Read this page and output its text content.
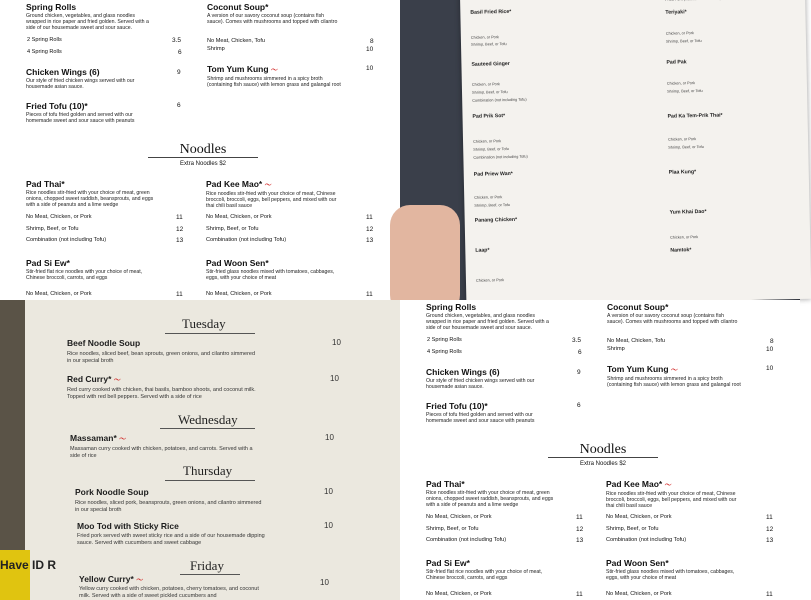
Spring Rolls
Ground chicken, vegetables, and glass noodles wrapped in rice paper and fried golden. Served with a side of our housemade sweet and sour sauce.
2 Spring Rolls	3.5
4 Spring Rolls	6
Chicken Wings (6)
Our style of fried chicken wings served with our housemade asian sauce.
9
Fried Tofu (10)*
Pieces of tofu fried golden and served with our homemade sweet and sour sauce with peanuts
6
Coconut Soup*
A version of our savory coconut soup (contains fish sauce). Comes with mushrooms and topped with cilantro
No Meat, Chicken, Tofu	8
Shrimp	10
Tom Yum Kung 〜
Shrimp and mushrooms simmered in a spicy broth (containing fish sauce) with lemon grass and galangal root
10
Noodles
Extra Noodles $2
Pad Thai*
Rice noodles stir-fried with your choice of meat, green onions, chopped sweet raddish, beansprouts, and eggs with a side of peanuts and a lime wedge
No Meat, Chicken, or Pork	11
Shrimp, Beef, or Tofu	12
Combination (not including Tofu)	13
Pad Kee Mao* 〜
Rice noodles stir-fried with your choice of meat, Chinese broccoli, broccoli, eggs, bell peppers, and mixed with our thai chili basil sauce
No Meat, Chicken, or Pork	11
Shrimp, Beef, or Tofu	12
Combination (not including Tofu)	13
Pad Si Ew*
Stir-fried flat rice noodles with your choice of meat, Chinese broccoli, carrots, and eggs
No Meat, Chicken, or Pork	11
Pad Woon Sen*
Stir-fried glass noodles mixed with tomatoes, cabbages, eggs, with your choice of meat
No Meat, Chicken, or Pork	11
Basil Fried Rice*
Chicken, or Pork
Shrimp, Beef, or Tofu
Sauteed Ginger
Chicken, or Pork
Shrimp, Beef, or Tofu
Combination (not including Tofu)
Pad Prik Sot*
Chicken, or Pork
Shrimp, Beef, or Tofu
Combination (not including Tofu)
Pad Priew Wan*
Chicken, or Pork
Shrimp, Beef, or Tofu
Panang Chicken*
Laap*
Chicken, or Pork
Teriyaki*
Chicken, or Pork
Shrimp, Beef, or Tofu
Pad Pak
Chicken, or Pork
Shrimp, Beef, or Tofu
Pad Ka Tem-Prik Thai*
Chicken, or Pork
Shrimp, Beef, or Tofu
Plaa Kung*
Yum Khai Dao*
Chicken, or Pork
Namtok*
Have ID R
Tuesday
Beef Noodle Soup	10
Rice noodles, sliced beef, bean sprouts, green onions, and cilantro simmered in our special broth
Red Curry* 〜	10
Red curry cooked with chicken, thai basils, bamboo shoots, and coconut milk. Topped with red bell peppers. Served with a side of rice
Wednesday
Massaman* 〜	10
Massaman curry cooked with chicken, potatoes, and carrots. Served with a side of rice
Thursday
Pork Noodle Soup	10
Rice noodles, sliced pork, beansprouts, green onions, and cilantro simmered in our special broth
Moo Tod with Sticky Rice	10
Fried pork served with sweet sticky rice and a side of our housemade dipping sauce. Served with cucumbers and sweet cabbage
Friday
Yellow Curry* 〜	10
Yellow curry cooked with chicken, potatoes, cherry tomatoes, and coconut milk. Served with a side of sweet pickled cucumbers and
Spring Rolls
Ground chicken, vegetables, and glass noodles wrapped in rice paper and fried golden. Served with a side of our housemade sweet and sour sauce.
2 Spring Rolls	3.5
4 Spring Rolls	6
Chicken Wings (6)
Our style of fried chicken wings served with our housemade asian sauce.
9
Fried Tofu (10)*
Pieces of tofu fried golden and served with our homemade sweet and sour sauce with peanuts
6
Coconut Soup*
A version of our savory coconut soup (contains fish sauce). Comes with mushrooms and topped with cilantro
No Meat, Chicken, Tofu	8
Shrimp	10
Tom Yum Kung 〜
Shrimp and mushrooms simmered in a spicy broth (containing fish sauce) with lemon grass and galangal root
10
Noodles
Extra Noodles $2
Pad Thai*
Rice noodles stir-fried with your choice of meat, green onions, chopped sweet raddish, beansprouts, and eggs with a side of peanuts and a lime wedge
No Meat, Chicken, or Pork	11
Shrimp, Beef, or Tofu	12
Combination (not including Tofu)	13
Pad Kee Mao* 〜
Rice noodles stir-fried with your choice of meat, Chinese broccoli, broccoli, eggs, bell peppers, and mixed with our thai chili basil sauce
No Meat, Chicken, or Pork	11
Shrimp, Beef, or Tofu	12
Combination (not including Tofu)	13
Pad Si Ew*
Stir-fried flat rice noodles with your choice of meat, Chinese broccoli, carrots, and eggs
No Meat, Chicken, or Pork	11
Pad Woon Sen*
Stir-fried glass noodles mixed with tomatoes, cabbages, eggs, with your choice of meat
No Meat, Chicken, or Pork	11
